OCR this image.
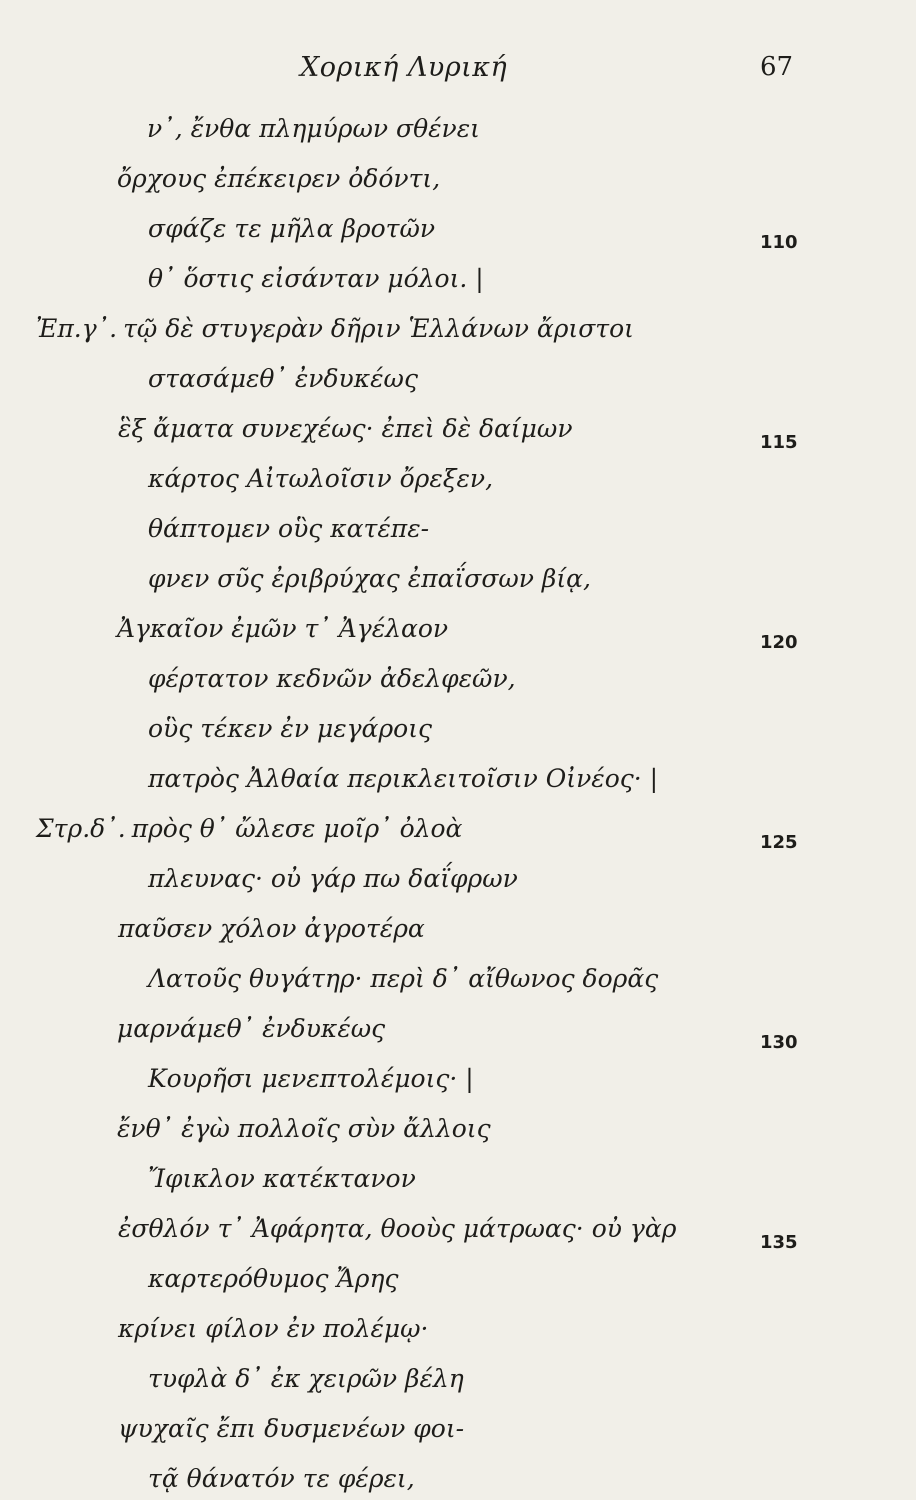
Χορική Λυρική	67
ν᾽, ἔνθα πλημύρων σθένει
ὄρχους ἐπέκειρεν ὀδόντι,
σφάζε τε μῆλα βροτῶν
θ᾽ ὅστις εἰσάνταν μόλοι. |
Ἐπ.γ᾽. τῷ δὲ στυγερὰν δῆριν Ἑλλάνων ἄριστοι
στασάμεθ᾽ ἐνδυκέως
ἓξ ἄματα συνεχέως· ἐπεὶ δὲ δαίμων
κάρτος Αἰτωλοῖσιν ὄρεξεν,
θάπτομεν οὓς κατέπε-
φνεν σῦς ἐριβρύχας ἐπαΐσσων βίᾳ,
Ἀγκαῖον ἐμῶν τ᾽ Ἀγέλαον
φέρτατον κεδνῶν ἀδελφεῶν,
οὓς τέκεν ἐν μεγάροις
πατρὸς Ἀλθαία περικλειτοῖσιν Οἰνέος· |
Στρ.δ᾽. πρὸς θ᾽ ὤλεσε μοῖρ᾽ ὀλοὰ
πλευνας· οὐ γάρ πω δαΐφρων
παῦσεν χόλον ἀγροτέρα
Λατοῦς θυγάτηρ· περὶ δ᾽ αἴθωνος δορᾶς
μαρνάμεθ᾽ ἐνδυκέως
Κουρῆσι μενεπτολέμοις· |
ἔνθ᾽ ἐγὼ πολλοῖς σὺν ἄλλοις
Ἴφικλον κατέκτανον
ἐσθλόν τ᾽ Ἀφάρητα, θοοὺς μάτρωας· οὐ γὰρ
καρτερόθυμος Ἄρης
κρίνει φίλον ἐν πολέμῳ·
τυφλὰ δ᾽ ἐκ χειρῶν βέλη
ψυχαῖς ἔπι δυσμενέων φοι-
τᾷ θάνατόν τε φέρει,
110
115
120
125
130
135
